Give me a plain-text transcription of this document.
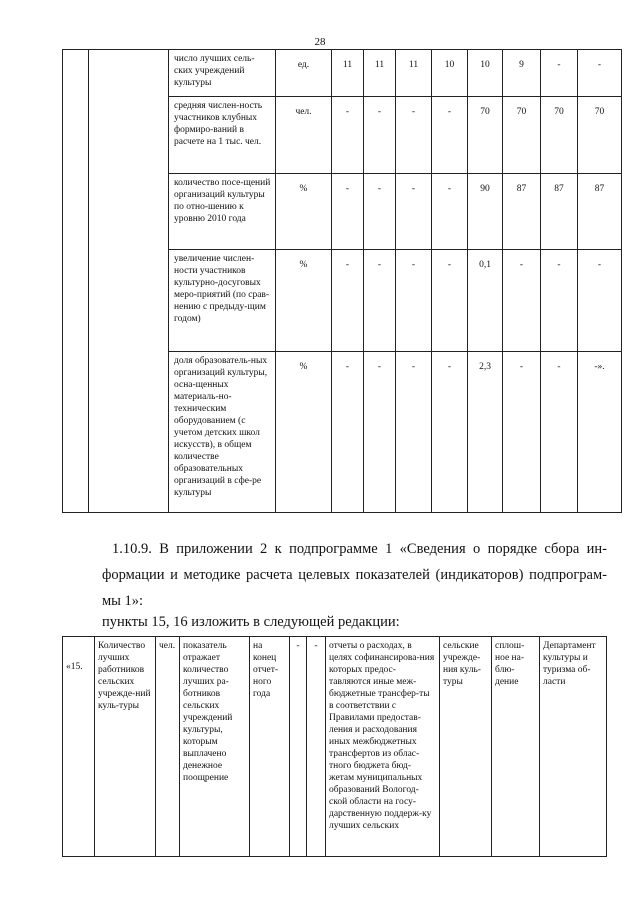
28
		число лучших сель-ских учреждений культуры	ед.	11	11	11	10	10	9	-	-
		средняя числен-ность участников клубных формиро-ваний в расчете на 1 тыс. чел.	чел.	-	-	-	-	70	70	70	70
		количество посе-щений организаций культуры по отно-шению к уровню 2010 года	%	-	-	-	-	90	87	87	87
		увеличение числен-ности участников культурно-досуговых меро-приятий (по срав-нению с предыду-щим годом)	%	-	-	-	-	0,1	-	-	-
		доля образователь-ных организаций культуры, осна-щенных материаль-но-техническим оборудованием (с учетом детских школ искусств), в общем количестве образовательных организаций в сфе-ре культуры	%	-	-	-	-	2,3	-	-	-».
1.10.9. В приложении 2 к подпрограмме 1 «Сведения о порядке сбора ин-формации и методике расчета целевых показателей (индикаторов) подпрограм-мы 1»:
пункты 15, 16 изложить в следующей редакции:
«15.	Количество лучших работников сельских учрежде-ний куль-туры	чел.	показатель отражает количество лучших ра-ботников сельских учреждений культуры, которым выплачено денежное поощрение	на конец отчет-ного года	-	-	отчеты о расходах, в целях софинансирова-ния которых предос-тавляются иные меж-бюджетные трансфер-ты в соответствии с Правилами предостав-ления и расходования иных межбюджетных трансфертов из облас-тного бюджета бюд-жетам муниципальных образований Вологод-ской области на госу-дарственную поддерж-ку лучших сельских	сельские учрежде-ния куль-туры	сплош-ное на-блю-дение	Департамент культуры и туризма об-ласти
